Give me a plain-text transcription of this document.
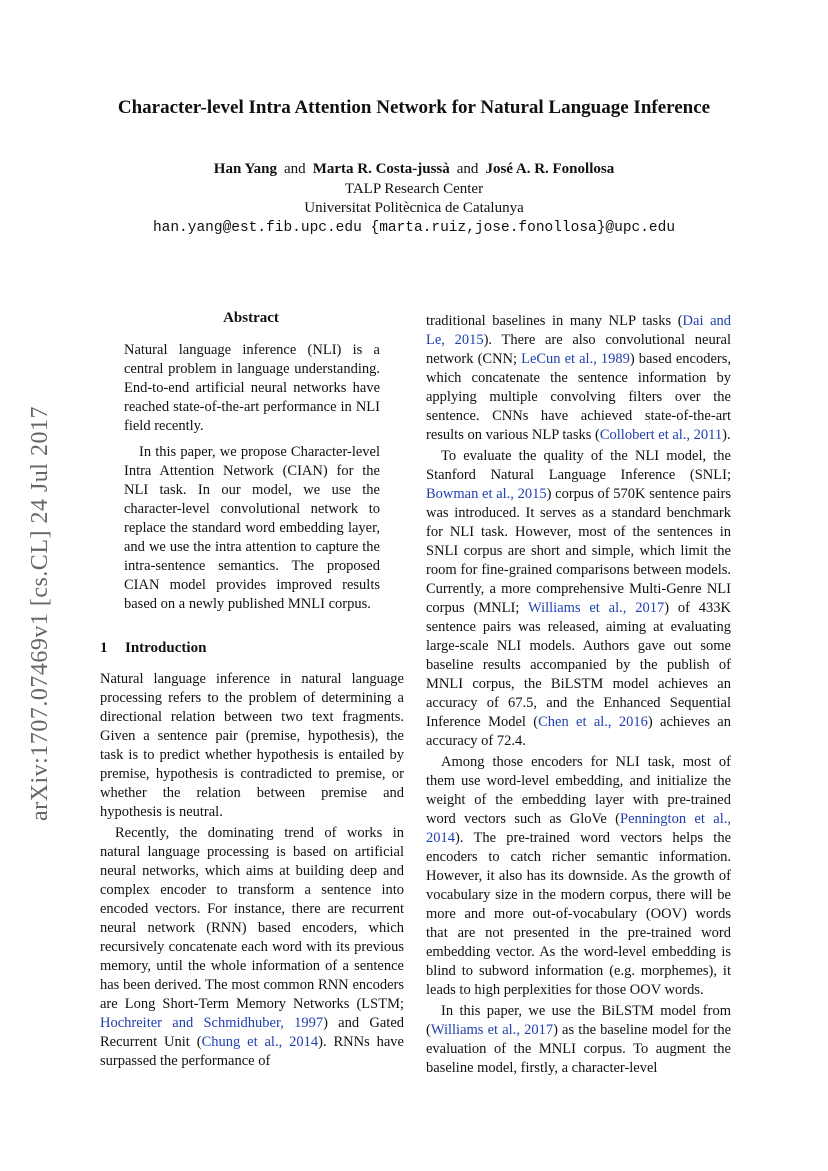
arXiv:1707.07469v1 [cs.CL] 24 Jul 2017
Character-level Intra Attention Network for Natural Language Inference
Han Yang and Marta R. Costa-jussà and José A. R. Fonollosa
TALP Research Center
Universitat Politècnica de Catalunya
han.yang@est.fib.upc.edu {marta.ruiz,jose.fonollosa}@upc.edu
Abstract

Natural language inference (NLI) is a central problem in language understanding. End-to-end artificial neural networks have reached state-of-the-art performance in NLI field recently.

In this paper, we propose Character-level Intra Attention Network (CIAN) for the NLI task. In our model, we use the character-level convolutional network to replace the standard word embedding layer, and we use the intra attention to capture the intra-sentence semantics. The proposed CIAN model provides improved results based on a newly published MNLI corpus.

1 Introduction

Natural language inference in natural language processing refers to the problem of determining a directional relation between two text fragments. Given a sentence pair (premise, hypothesis), the task is to predict whether hypothesis is entailed by premise, hypothesis is contradicted to premise, or whether the relation between premise and hypothesis is neutral.

Recently, the dominating trend of works in natural language processing is based on artificial neural networks, which aims at building deep and complex encoder to transform a sentence into encoded vectors. For instance, there are recurrent neural network (RNN) based encoders, which recursively concatenate each word with its previous memory, until the whole information of a sentence has been derived. The most common RNN encoders are Long Short-Term Memory Networks (LSTM; Hochreiter and Schmidhuber, 1997) and Gated Recurrent Unit (Chung et al., 2014). RNNs have surpassed the performance of

traditional baselines in many NLP tasks (Dai and Le, 2015). There are also convolutional neural network (CNN; LeCun et al., 1989) based encoders, which concatenate the sentence information by applying multiple convolving filters over the sentence. CNNs have achieved state-of-the-art results on various NLP tasks (Collobert et al., 2011).

To evaluate the quality of the NLI model, the Stanford Natural Language Inference (SNLI; Bowman et al., 2015) corpus of 570K sentence pairs was introduced. It serves as a standard benchmark for NLI task. However, most of the sentences in SNLI corpus are short and simple, which limit the room for fine-grained comparisons between models. Currently, a more comprehensive Multi-Genre NLI corpus (MNLI; Williams et al., 2017) of 433K sentence pairs was released, aiming at evaluating large-scale NLI models. Authors gave out some baseline results accompanied by the publish of MNLI corpus, the BiLSTM model achieves an accuracy of 67.5, and the Enhanced Sequential Inference Model (Chen et al., 2016) achieves an accuracy of 72.4.

Among those encoders for NLI task, most of them use word-level embedding, and initialize the weight of the embedding layer with pre-trained word vectors such as GloVe (Pennington et al., 2014). The pre-trained word vectors helps the encoders to catch richer semantic information. However, it also has its downside. As the growth of vocabulary size in the modern corpus, there will be more and more out-of-vocabulary (OOV) words that are not presented in the pre-trained word embedding vector. As the word-level embedding is blind to subword information (e.g. morphemes), it leads to high perplexities for those OOV words.

In this paper, we use the BiLSTM model from (Williams et al., 2017) as the baseline model for the evaluation of the MNLI corpus. To augment the baseline model, firstly, a character-level
